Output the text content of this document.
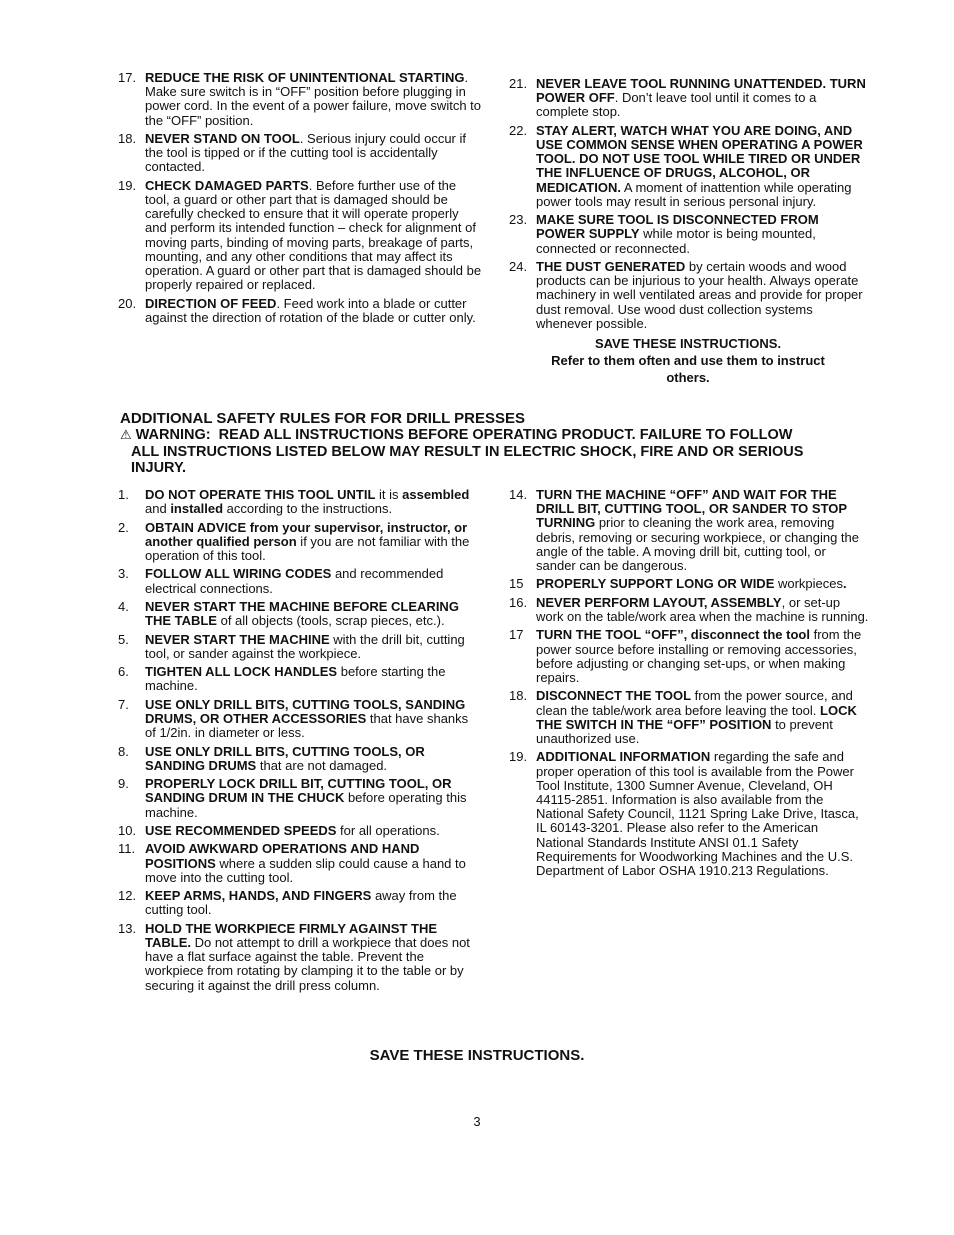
17. REDUCE THE RISK OF UNINTENTIONAL STARTING. Make sure switch is in “OFF” position before plugging in power cord. In the event of a power failure, move switch to the “OFF” position.
18. NEVER STAND ON TOOL. Serious injury could occur if the tool is tipped or if the cutting tool is accidentally contacted.
19. CHECK DAMAGED PARTS. Before further use of the tool, a guard or other part that is damaged should be carefully checked to ensure that it will operate properly and perform its intended function – check for alignment of moving parts, binding of moving parts, breakage of parts, mounting, and any other conditions that may affect its operation. A guard or other part that is damaged should be properly repaired or replaced.
20. DIRECTION OF FEED. Feed work into a blade or cutter against the direction of rotation of the blade or cutter only.
21. NEVER LEAVE TOOL RUNNING UNATTENDED. TURN POWER OFF. Don’t leave tool until it comes to a complete stop.
22. STAY ALERT, WATCH WHAT YOU ARE DOING, AND USE COMMON SENSE WHEN OPERATING A POWER TOOL. DO NOT USE TOOL WHILE TIRED OR UNDER THE INFLUENCE OF DRUGS, ALCOHOL, OR MEDICATION. A moment of inattention while operating power tools may result in serious personal injury.
23. MAKE SURE TOOL IS DISCONNECTED FROM POWER SUPPLY while motor is being mounted, connected or reconnected.
24. THE DUST GENERATED by certain woods and wood products can be injurious to your health. Always operate machinery in well ventilated areas and provide for proper dust removal. Use wood dust collection systems whenever possible.
SAVE THESE INSTRUCTIONS.
Refer to them often and use them to instruct others.
ADDITIONAL SAFETY RULES FOR FOR DRILL PRESSES
⚠ WARNING: READ ALL INSTRUCTIONS BEFORE OPERATING PRODUCT. FAILURE TO FOLLOW
ALL INSTRUCTIONS LISTED BELOW MAY RESULT IN ELECTRIC SHOCK, FIRE AND OR SERIOUS INJURY.
1. DO NOT OPERATE THIS TOOL UNTIL it is assembled and installed according to the instructions.
2. OBTAIN ADVICE from your supervisor, instructor, or another qualified person if you are not familiar with the operation of this tool.
3. FOLLOW ALL WIRING CODES and recommended electrical connections.
4. NEVER START THE MACHINE BEFORE CLEARING THE TABLE of all objects (tools, scrap pieces, etc.).
5. NEVER START THE MACHINE with the drill bit, cutting tool, or sander against the workpiece.
6. TIGHTEN ALL LOCK HANDLES before starting the machine.
7. USE ONLY DRILL BITS, CUTTING TOOLS, SANDING DRUMS, OR OTHER ACCESSORIES that have shanks of 1/2in. in diameter or less.
8. USE ONLY DRILL BITS, CUTTING TOOLS, OR SANDING DRUMS that are not damaged.
9. PROPERLY LOCK DRILL BIT, CUTTING TOOL, OR SANDING DRUM IN THE CHUCK before operating this machine.
10. USE RECOMMENDED SPEEDS for all operations.
11. AVOID AWKWARD OPERATIONS AND HAND POSITIONS where a sudden slip could cause a hand to move into the cutting tool.
12. KEEP ARMS, HANDS, AND FINGERS away from the cutting tool.
13. HOLD THE WORKPIECE FIRMLY AGAINST THE TABLE. Do not attempt to drill a workpiece that does not have a flat surface against the table. Prevent the workpiece from rotating by clamping it to the table or by securing it against the drill press column.
14. TURN THE MACHINE “OFF” AND WAIT FOR THE DRILL BIT, CUTTING TOOL, OR SANDER TO STOP TURNING prior to cleaning the work area, removing debris, removing or securing workpiece, or changing the angle of the table. A moving drill bit, cutting tool, or sander can be dangerous.
15 PROPERLY SUPPORT LONG OR WIDE workpieces.
16. NEVER PERFORM LAYOUT, ASSEMBLY, or set-up work on the table/work area when the machine is running.
17 TURN THE TOOL “OFF”, disconnect the tool from the power source before installing or removing accessories, before adjusting or changing set-ups, or when making repairs.
18. DISCONNECT THE TOOL from the power source, and clean the table/work area before leaving the tool. LOCK THE SWITCH IN THE “OFF” POSITION to prevent unauthorized use.
19. ADDITIONAL INFORMATION regarding the safe and proper operation of this tool is available from the Power Tool Institute, 1300 Sumner Avenue, Cleveland, OH 44115-2851. Information is also available from the National Safety Council, 1121 Spring Lake Drive, Itasca, IL 60143-3201. Please also refer to the American National Standards Institute ANSI 01.1 Safety Requirements for Woodworking Machines and the U.S. Department of Labor OSHA 1910.213 Regulations.
SAVE THESE INSTRUCTIONS.
3
